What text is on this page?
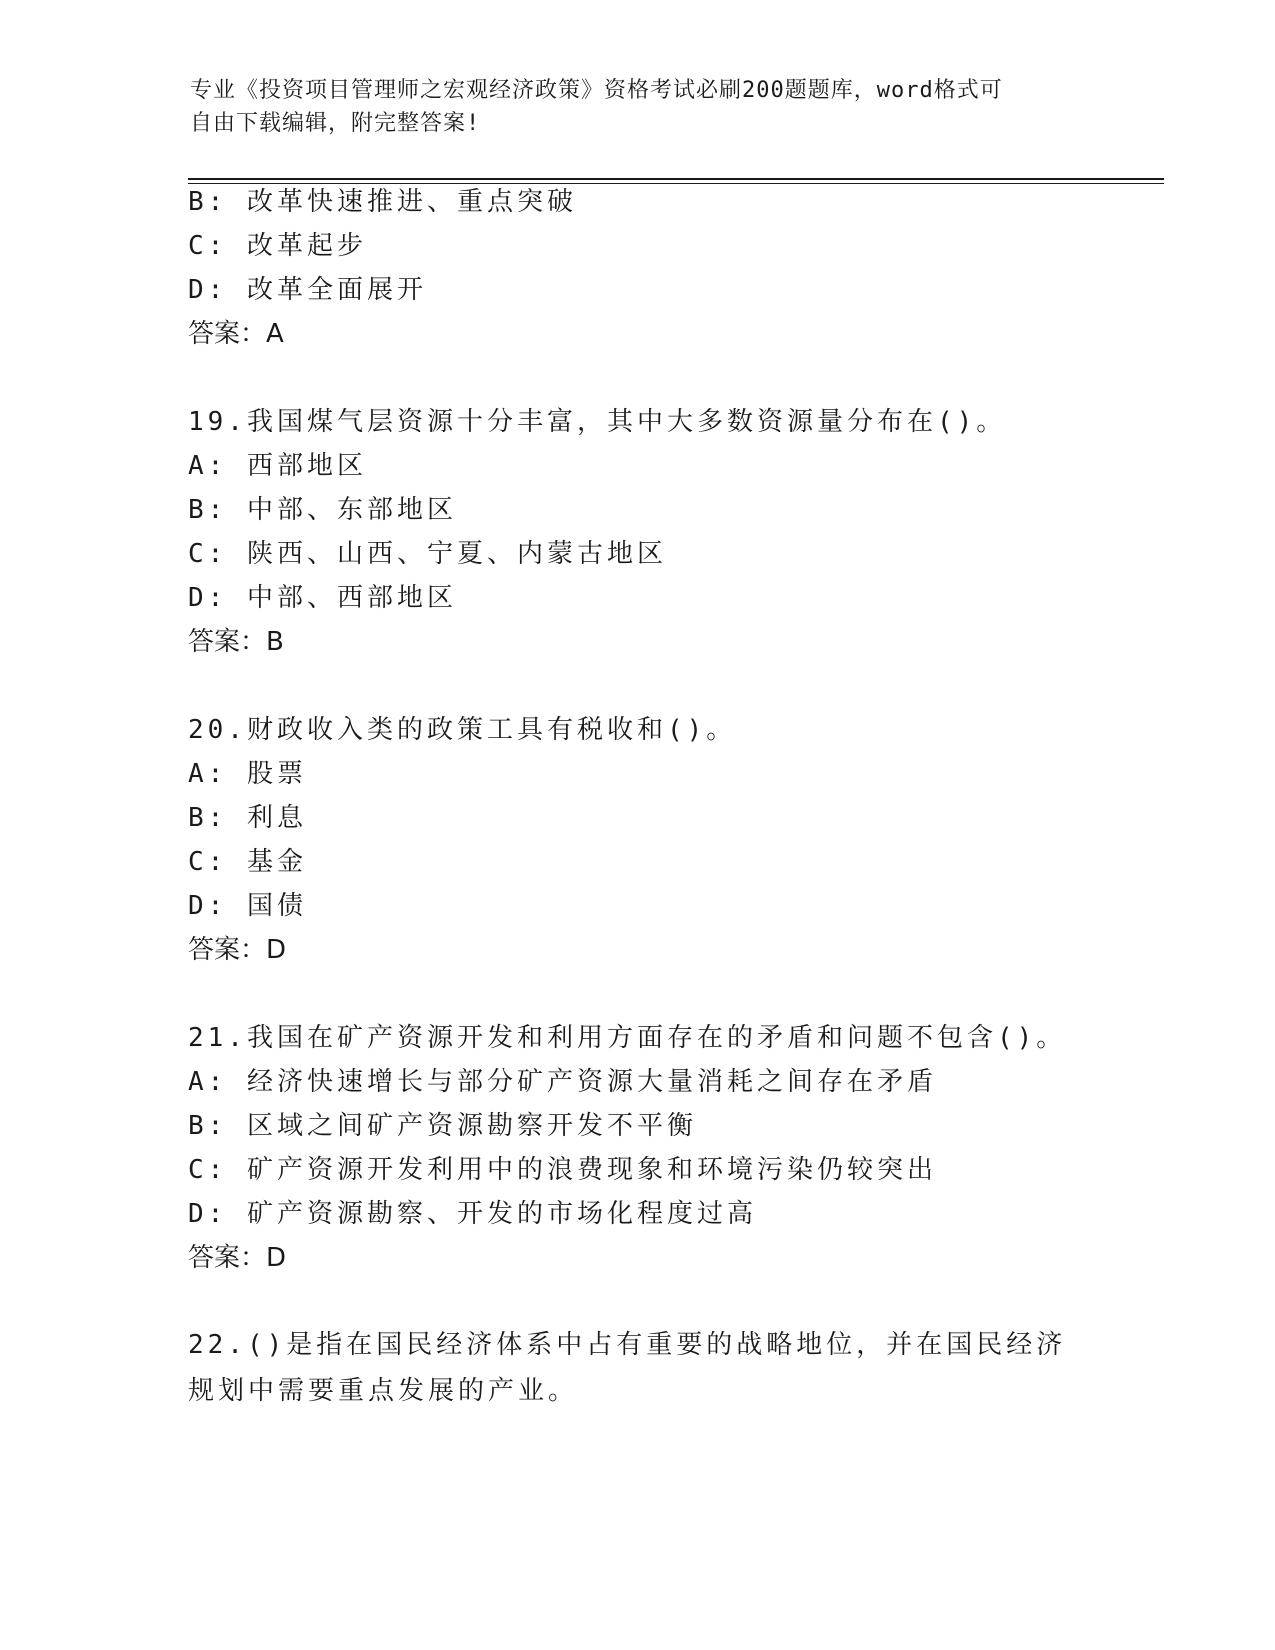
专业《投资项目管理师之宏观经济政策》资格考试必刷200题题库，word格式可
自由下载编辑，附完整答案!
B: 改革快速推进、重点突破
C: 改革起步
D: 改革全面展开
答案：A
19.我国煤气层资源十分丰富，其中大多数资源量分布在()。
A: 西部地区
B: 中部、东部地区
C: 陕西、山西、宁夏、内蒙古地区
D: 中部、西部地区
答案：B
20.财政收入类的政策工具有税收和()。
A: 股票
B: 利息
C: 基金
D: 国债
答案：D
21.我国在矿产资源开发和利用方面存在的矛盾和问题不包含()。
A: 经济快速增长与部分矿产资源大量消耗之间存在矛盾
B: 区域之间矿产资源勘察开发不平衡
C: 矿产资源开发利用中的浪费现象和环境污染仍较突出
D: 矿产资源勘察、开发的市场化程度过高
答案：D
22.()是指在国民经济体系中占有重要的战略地位，并在国民经济规划中需要重点发展的产业。
